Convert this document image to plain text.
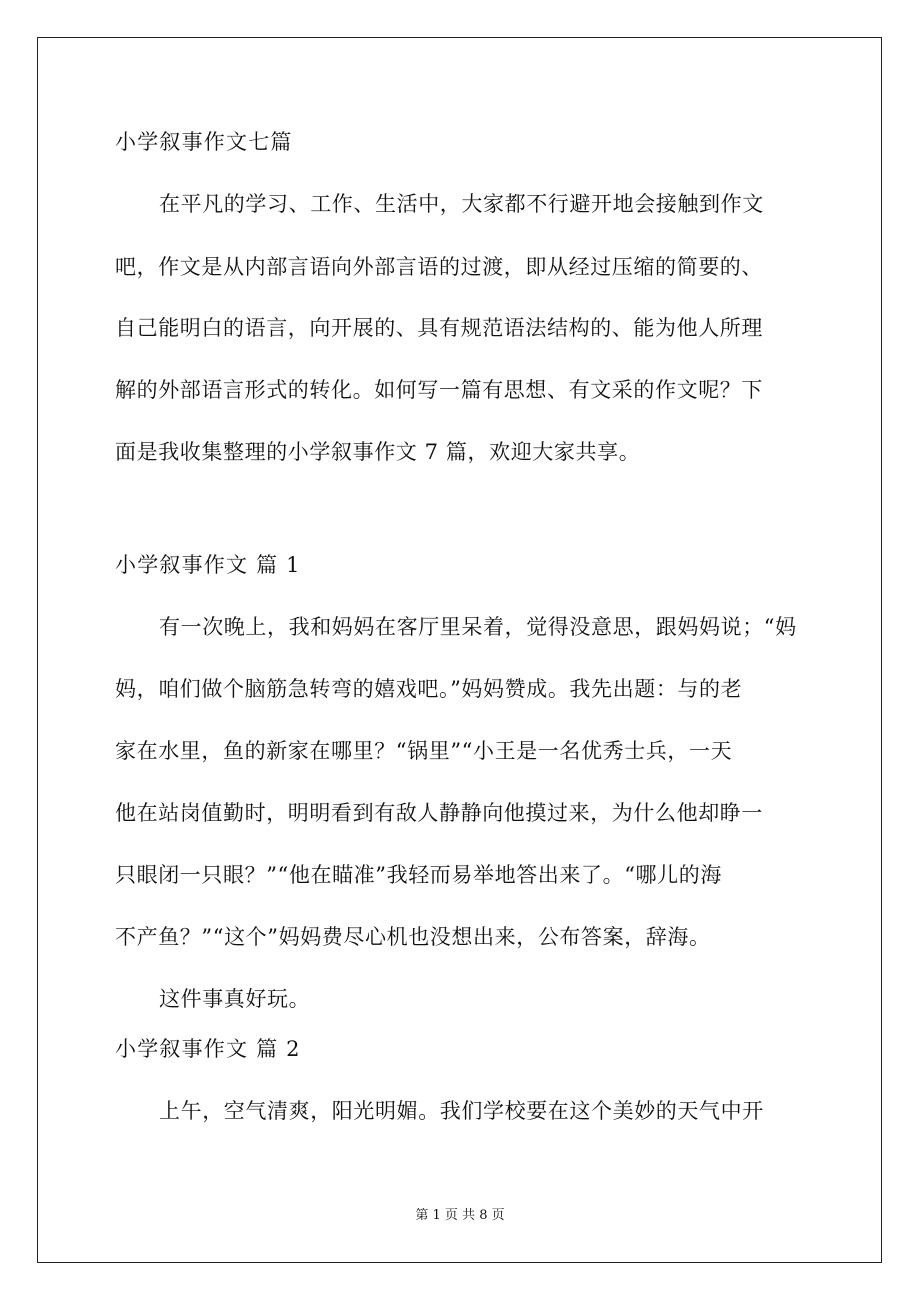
小学叙事作文七篇
在平凡的学习、工作、生活中，大家都不行避开地会接触到作文
吧，作文是从内部言语向外部言语的过渡，即从经过压缩的简要的、
自己能明白的语言，向开展的、具有规范语法结构的、能为他人所理
解的外部语言形式的转化。如何写一篇有思想、有文采的作文呢？下
面是我收集整理的小学叙事作文 7 篇，欢迎大家共享。
小学叙事作文 篇 1
有一次晚上，我和妈妈在客厅里呆着，觉得没意思，跟妈妈说；“妈
妈，咱们做个脑筋急转弯的嬉戏吧。”妈妈赞成。我先出题：与的老
家在水里，鱼的新家在哪里？“锅里”“小王是一名优秀士兵，一天
他在站岗值勤时，明明看到有敌人静静向他摸过来，为什么他却睁一
只眼闭一只眼？”“他在瞄准”我轻而易举地答出来了。“哪儿的海
不产鱼？”“这个”妈妈费尽心机也没想出来，公布答案，辞海。
这件事真好玩。
小学叙事作文 篇 2
上午，空气清爽，阳光明媚。我们学校要在这个美妙的天气中开
第 1 页 共 8 页
